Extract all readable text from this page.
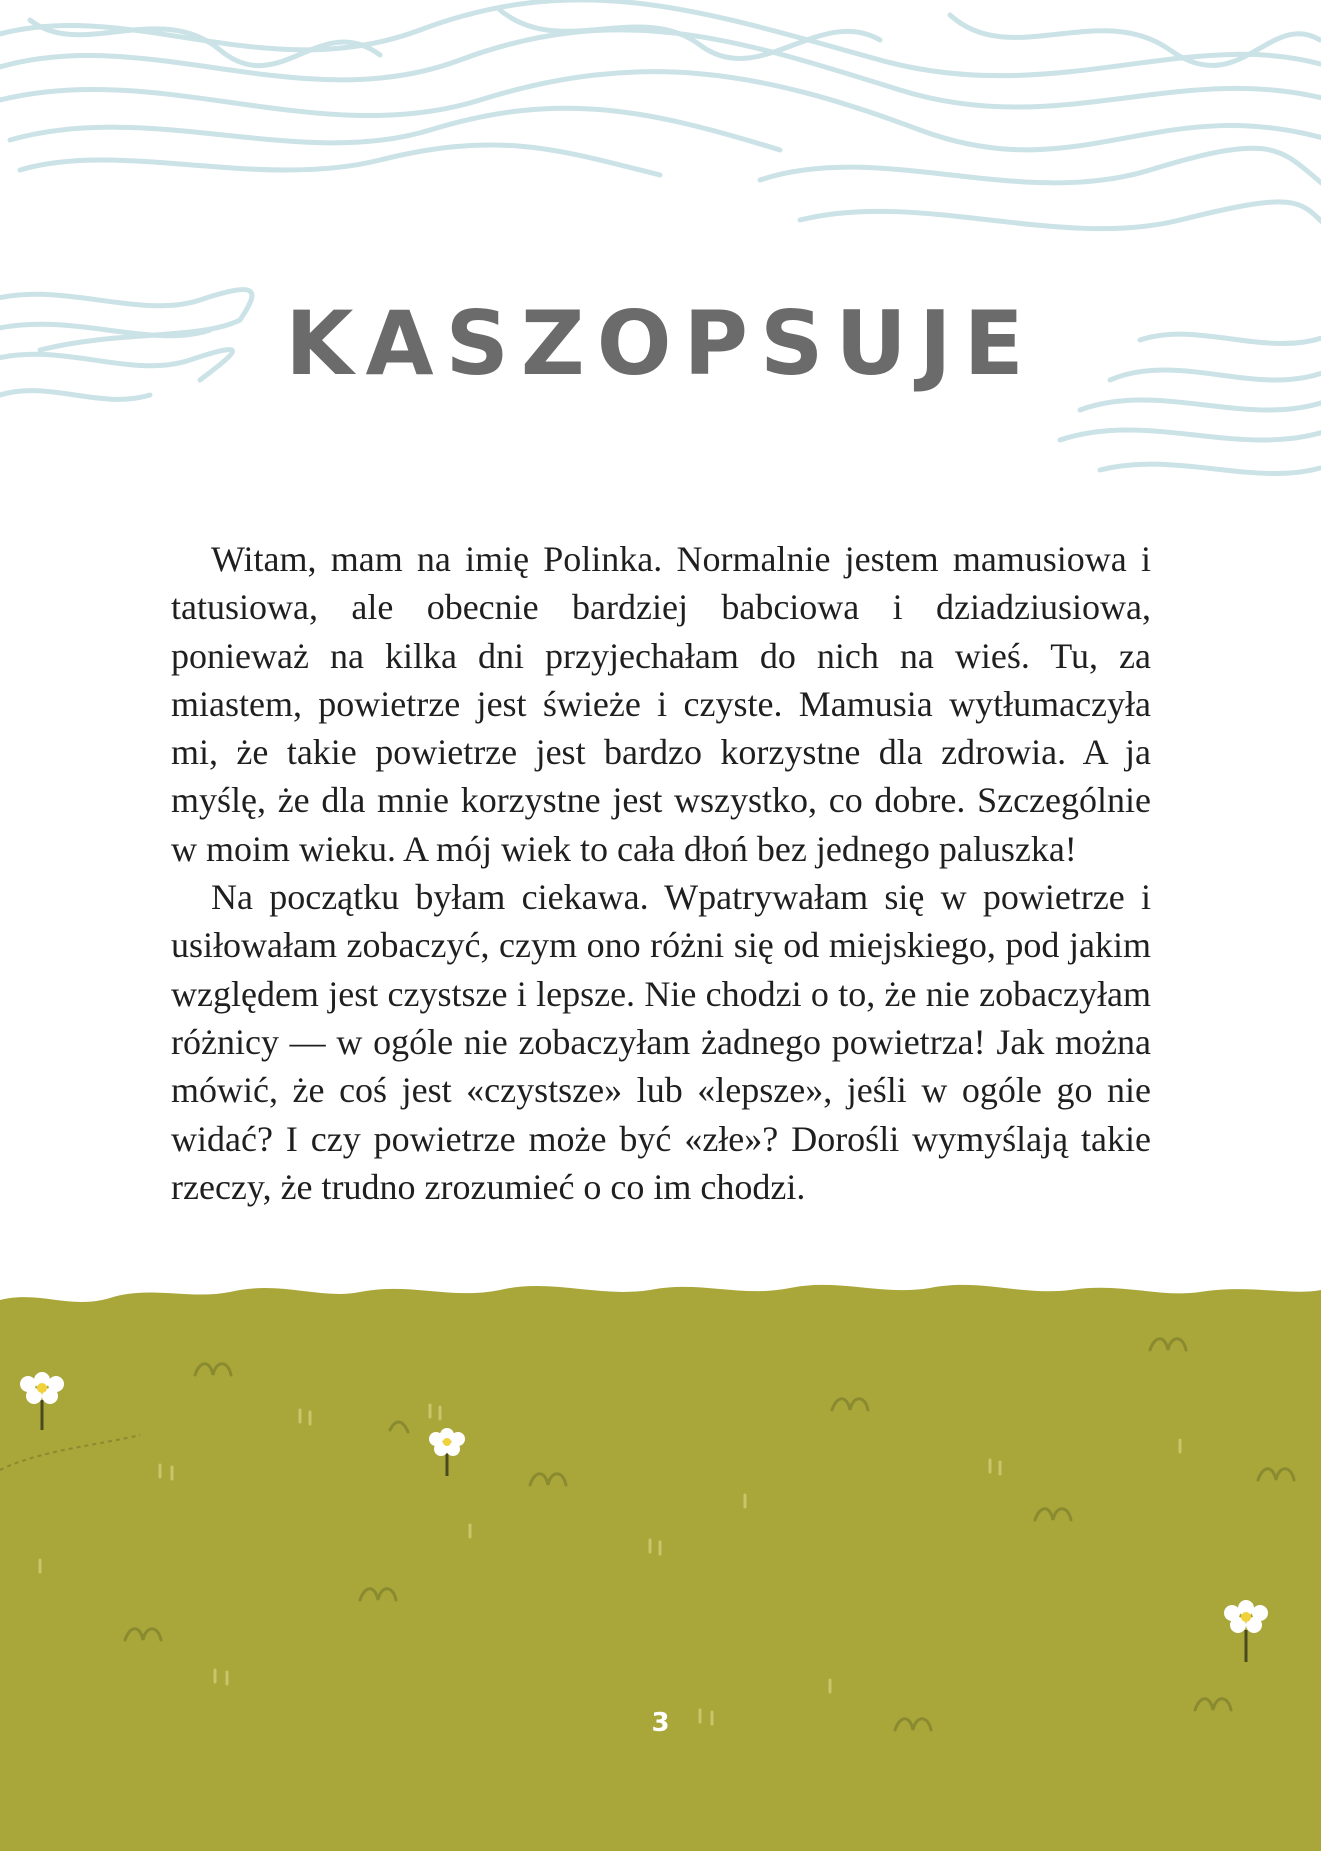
KASZOPSUJE

Witam, mam na imię Polinka. Normalnie jestem mamusiowa i tatusiowa, ale obecnie bardziej babciowa i dziadziusiowa, ponieważ na kilka dni przyjechałam do nich na wieś. Tu, za miastem, powietrze jest świeże i czyste. Mamusia wytłumaczyła mi, że takie powietrze jest bardzo korzystne dla zdrowia. A ja myślę, że dla mnie korzystne jest wszystko, co dobre. Szczególnie w moim wieku. A mój wiek to cała dłoń bez jednego paluszka!

Na początku byłam ciekawa. Wpatrywałam się w powietrze i usiłowałam zobaczyć, czym ono różni się od miejskiego, pod jakim względem jest czystsze i lepsze. Nie chodzi o to, że nie zobaczyłam różnicy — w ogóle nie zobaczyłam żadnego powietrza! Jak można mówić, że coś jest «czystsze» lub «lepsze», jeśli w ogóle go nie widać? I czy powietrze może być «złe»? Dorośli wymyślają takie rzeczy, że trudno zrozumieć o co im chodzi.

3
